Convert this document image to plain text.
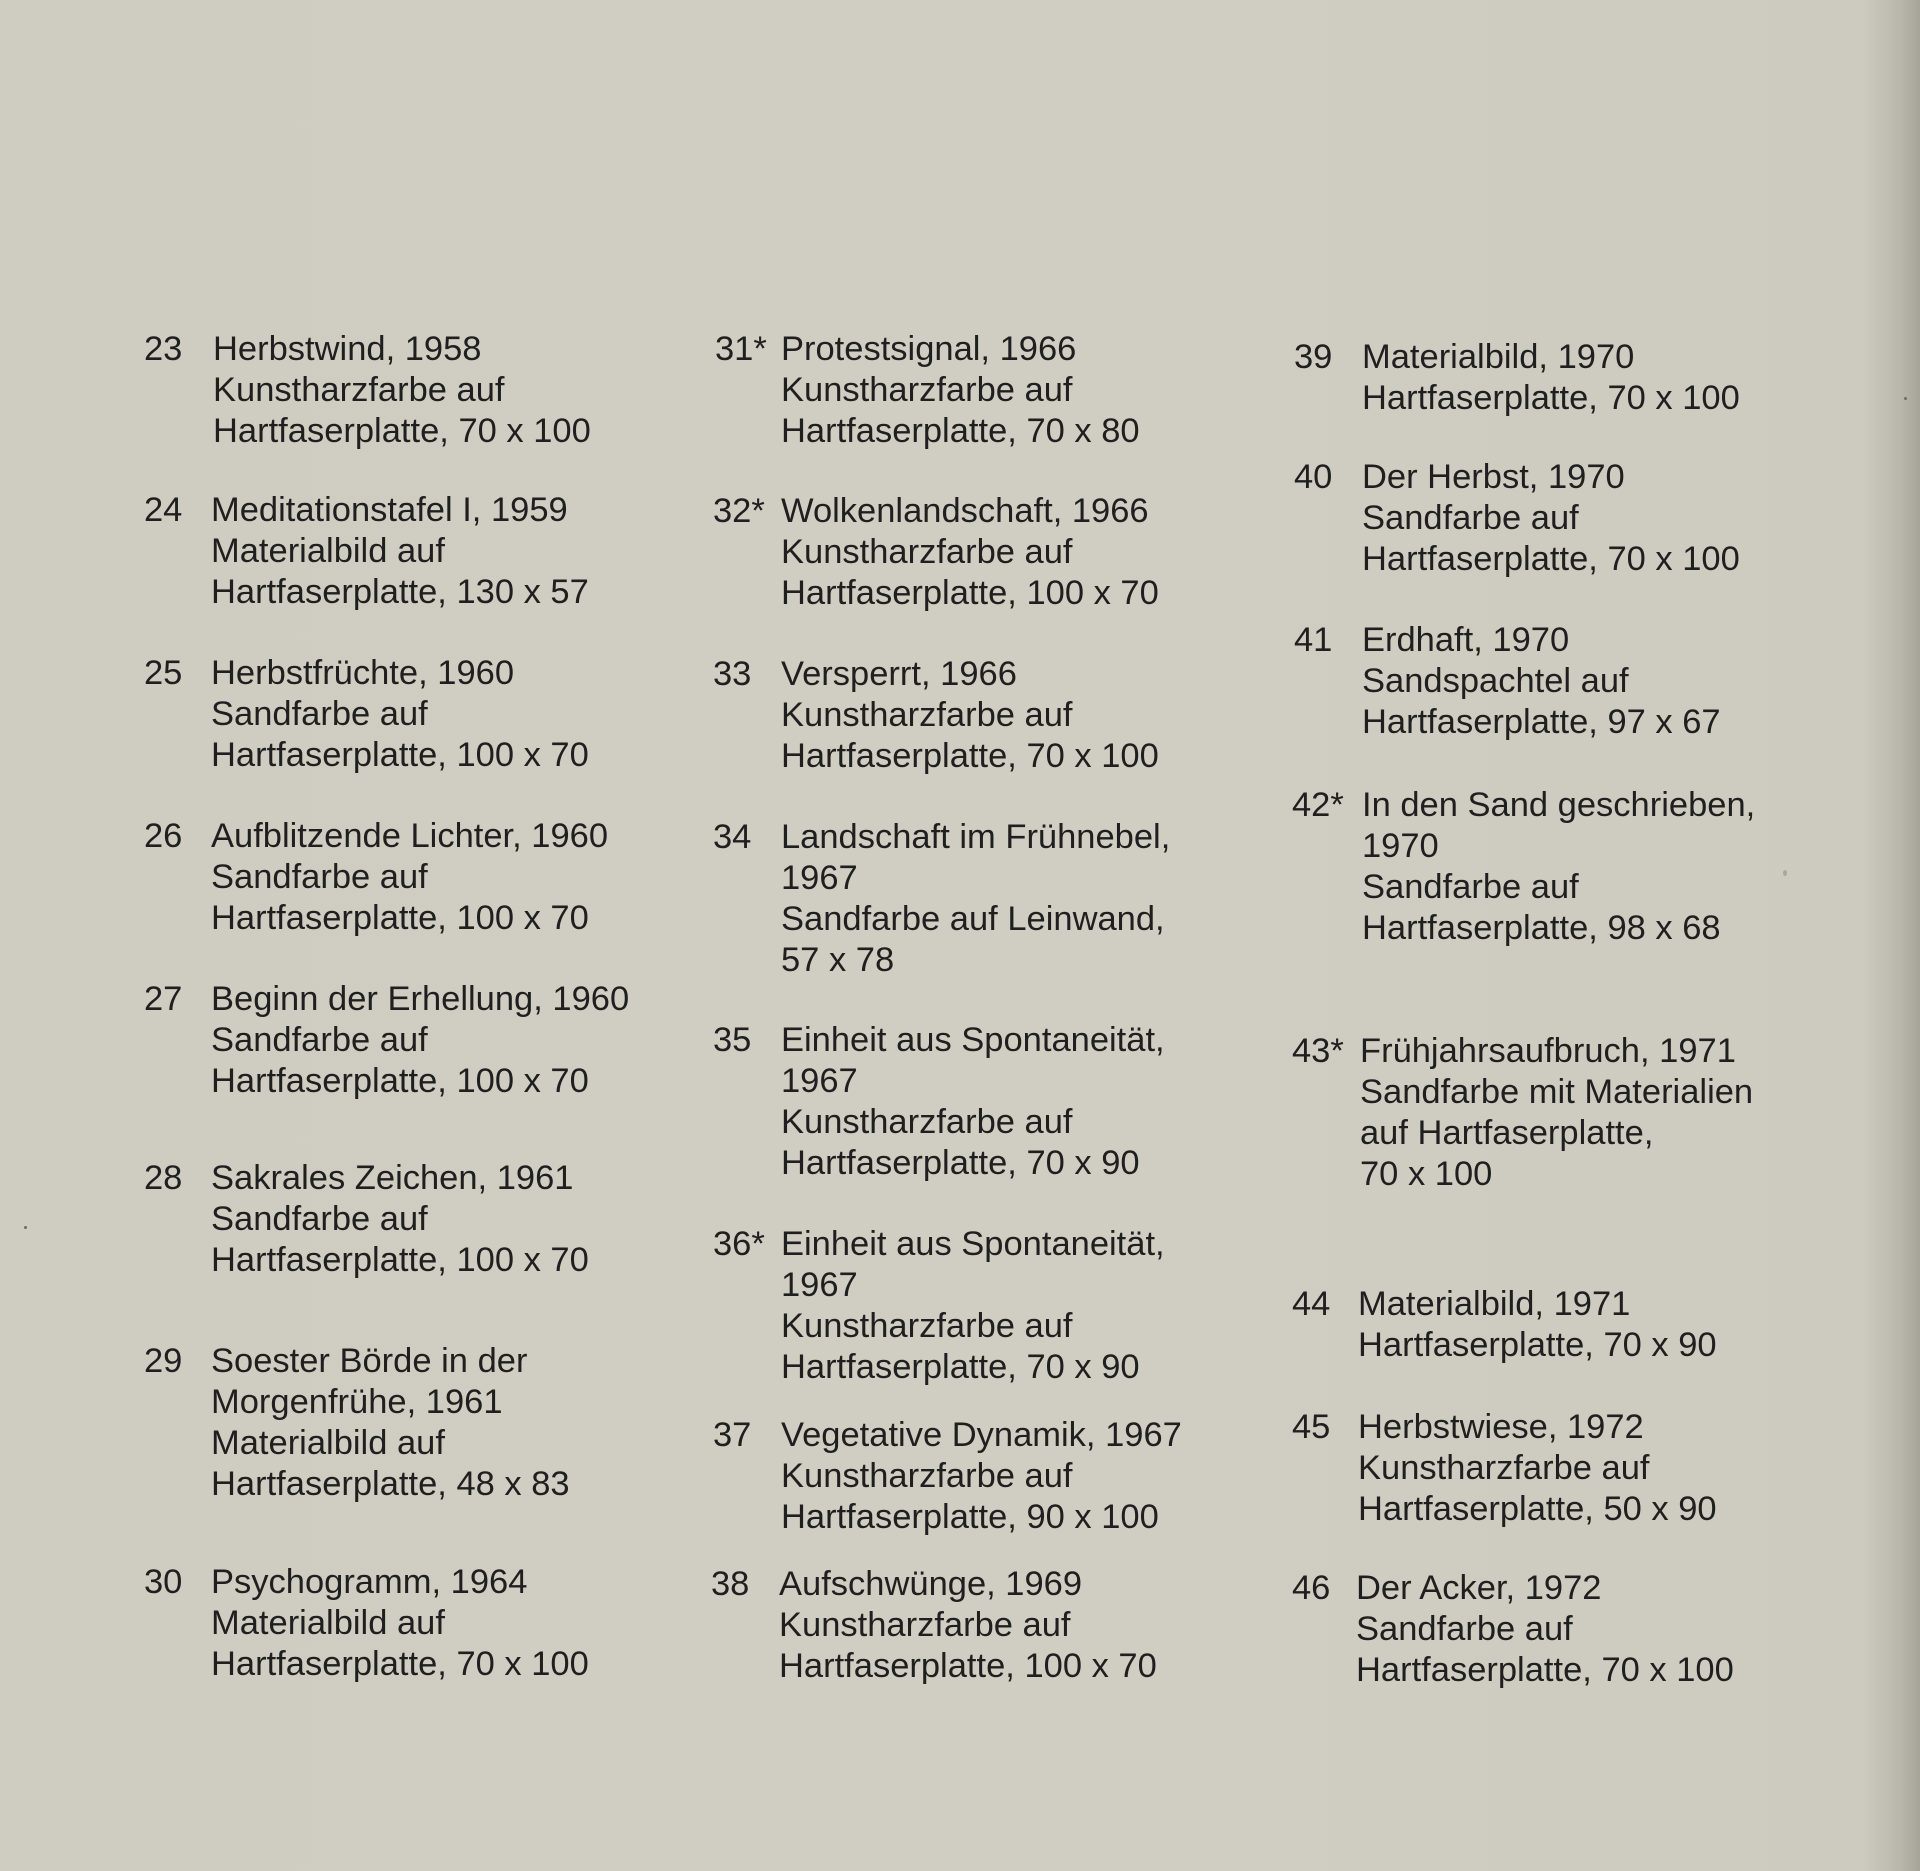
23 Herbstwind, 1958
Kunstharzfarbe auf
Hartfaserplatte, 70 x 100
24 Meditationstafel I, 1959
Materialbild auf
Hartfaserplatte, 130 x 57
25 Herbstfrüchte, 1960
Sandfarbe auf
Hartfaserplatte, 100 x 70
26 Aufblitzende Lichter, 1960
Sandfarbe auf
Hartfaserplatte, 100 x 70
27 Beginn der Erhellung, 1960
Sandfarbe auf
Hartfaserplatte, 100 x 70
28 Sakrales Zeichen, 1961
Sandfarbe auf
Hartfaserplatte, 100 x 70
29 Soester Börde in der
Morgenfrühe, 1961
Materialbild auf
Hartfaserplatte, 48 x 83
30 Psychogramm, 1964
Materialbild auf
Hartfaserplatte, 70 x 100
31* Protestsignal, 1966
Kunstharzfarbe auf
Hartfaserplatte, 70 x 80
32* Wolkenlandschaft, 1966
Kunstharzfarbe auf
Hartfaserplatte, 100 x 70
33 Versperrt, 1966
Kunstharzfarbe auf
Hartfaserplatte, 70 x 100
34 Landschaft im Frühnebel,
1967
Sandfarbe auf Leinwand,
57 x 78
35 Einheit aus Spontaneität,
1967
Kunstharzfarbe auf
Hartfaserplatte, 70 x 90
36* Einheit aus Spontaneität,
1967
Kunstharzfarbe auf
Hartfaserplatte, 70 x 90
37 Vegetative Dynamik, 1967
Kunstharzfarbe auf
Hartfaserplatte, 90 x 100
38 Aufschwünge, 1969
Kunstharzfarbe auf
Hartfaserplatte, 100 x 70
39 Materialbild, 1970
Hartfaserplatte, 70 x 100
40 Der Herbst, 1970
Sandfarbe auf
Hartfaserplatte, 70 x 100
41 Erdhaft, 1970
Sandspachtel auf
Hartfaserplatte, 97 x 67
42* In den Sand geschrieben,
1970
Sandfarbe auf
Hartfaserplatte, 98 x 68
43* Frühjahrsaufbruch, 1971
Sandfarbe mit Materialien
auf Hartfaserplatte,
70 x 100
44 Materialbild, 1971
Hartfaserplatte, 70 x 90
45 Herbstwiese, 1972
Kunstharzfarbe auf
Hartfaserplatte, 50 x 90
46 Der Acker, 1972
Sandfarbe auf
Hartfaserplatte, 70 x 100
